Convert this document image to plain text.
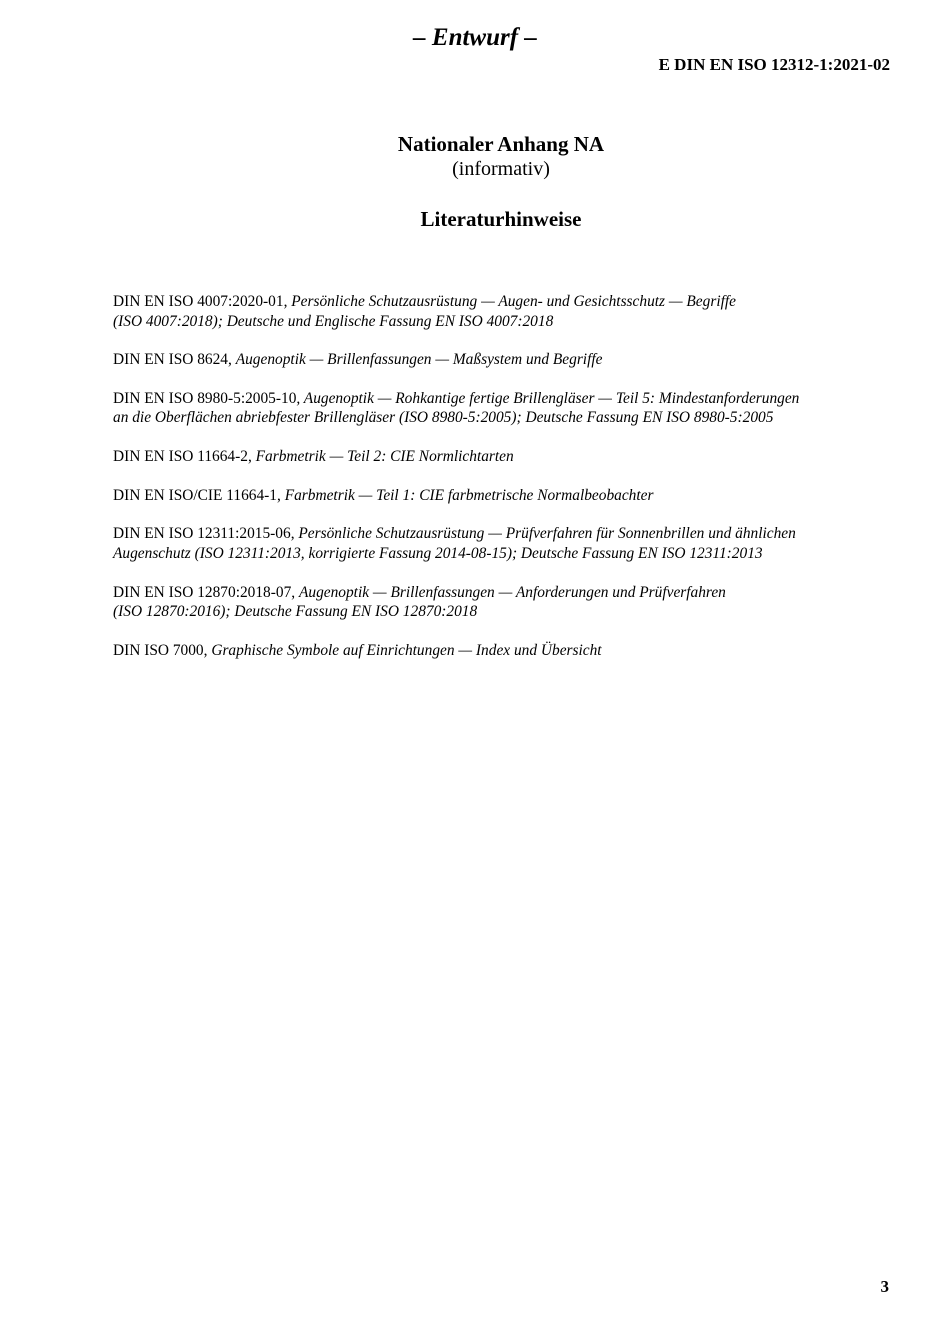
– Entwurf –
E DIN EN ISO 12312-1:2021-02
Nationaler Anhang NA
(informativ)
Literaturhinweise
DIN EN ISO 4007:2020-01, Persönliche Schutzausrüstung — Augen- und Gesichtsschutz — Begriffe
(ISO 4007:2018); Deutsche und Englische Fassung EN ISO 4007:2018
DIN EN ISO 8624, Augenoptik — Brillenfassungen — Maßsystem und Begriffe
DIN EN ISO 8980-5:2005-10, Augenoptik — Rohkantige fertige Brillengläser — Teil 5: Mindestanforderungen
an die Oberflächen abriebfester Brillengläser (ISO 8980-5:2005); Deutsche Fassung EN ISO 8980-5:2005
DIN EN ISO 11664-2, Farbmetrik — Teil 2: CIE Normlichtarten
DIN EN ISO/CIE 11664-1, Farbmetrik — Teil 1: CIE farbmetrische Normalbeobachter
DIN EN ISO 12311:2015-06, Persönliche Schutzausrüstung — Prüfverfahren für Sonnenbrillen und ähnlichen
Augenschutz (ISO 12311:2013, korrigierte Fassung 2014-08-15); Deutsche Fassung EN ISO 12311:2013
DIN EN ISO 12870:2018-07, Augenoptik — Brillenfassungen — Anforderungen und Prüfverfahren
(ISO 12870:2016); Deutsche Fassung EN ISO 12870:2018
DIN ISO 7000, Graphische Symbole auf Einrichtungen — Index und Übersicht
3
